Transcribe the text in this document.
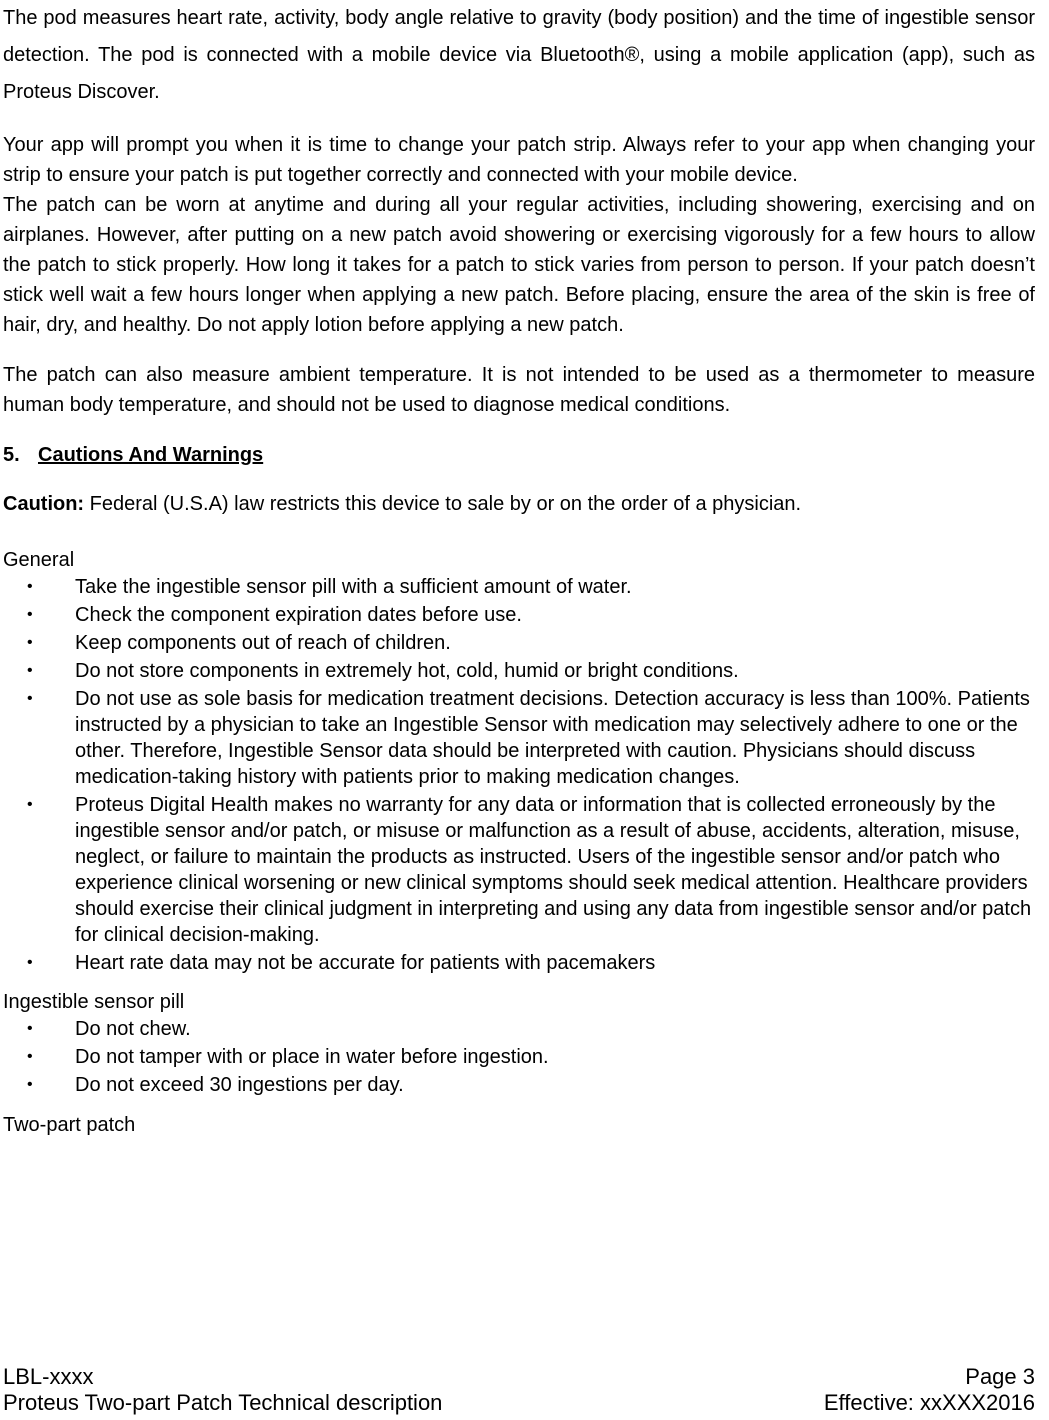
The pod measures heart rate, activity, body angle relative to gravity (body position) and the time of ingestible sensor detection. The pod is connected with a mobile device via Bluetooth®, using a mobile application (app), such as Proteus Discover.

Your app will prompt you when it is time to change your patch strip. Always refer to your app when changing your strip to ensure your patch is put together correctly and connected with your mobile device.

The patch can be worn at anytime and during all your regular activities, including showering, exercising and on airplanes. However, after putting on a new patch avoid showering or exercising vigorously for a few hours to allow the patch to stick properly. How long it takes for a patch to stick varies from person to person. If your patch doesn’t stick well wait a few hours longer when applying a new patch. Before placing, ensure the area of the skin is free of hair, dry, and healthy. Do not apply lotion before applying a new patch.

The patch can also measure ambient temperature. It is not intended to be used as a thermometer to measure human body temperature, and should not be used to diagnose medical conditions.

5. Cautions And Warnings
Caution: Federal (U.S.A) law restricts this device to sale by or on the order of a physician.
General
• Take the ingestible sensor pill with a sufficient amount of water.
• Check the component expiration dates before use.
• Keep components out of reach of children.
• Do not store components in extremely hot, cold, humid or bright conditions.
• Do not use as sole basis for medication treatment decisions. Detection accuracy is less than 100%. Patients instructed by a physician to take an Ingestible Sensor with medication may selectively adhere to one or the other. Therefore, Ingestible Sensor data should be interpreted with caution. Physicians should discuss medication-taking history with patients prior to making medication changes.
• Proteus Digital Health makes no warranty for any data or information that is collected erroneously by the ingestible sensor and/or patch, or misuse or malfunction as a result of abuse, accidents, alteration, misuse, neglect, or failure to maintain the products as instructed. Users of the ingestible sensor and/or patch who experience clinical worsening or new clinical symptoms should seek medical attention. Healthcare providers should exercise their clinical judgment in interpreting and using any data from ingestible sensor and/or patch for clinical decision-making.
• Heart rate data may not be accurate for patients with pacemakers
Ingestible sensor pill
• Do not chew.
• Do not tamper with or place in water before ingestion.
• Do not exceed 30 ingestions per day.
Two-part patch
LBL-xxxx	Page 3
Proteus Two-part Patch Technical description	Effective: xxXXX2016
